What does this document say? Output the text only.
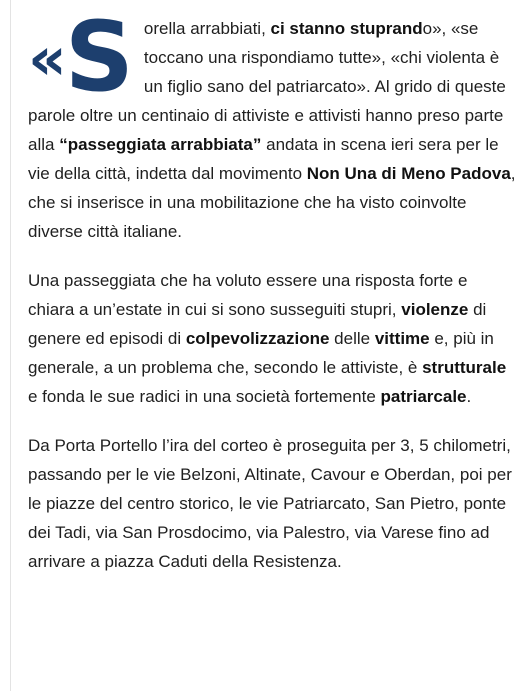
« S orella arrabbiati, ci stanno stuprando», «se toccano una rispondiamo tutte», «chi violenta è un figlio sano del patriarcato». Al grido di queste parole oltre un centinaio di attiviste e attivisti hanno preso parte alla “passeggiata arrabbiata” andata in scena ieri sera per le vie della città, indetta dal movimento Non Una di Meno Padova, che si inserisce in una mobilitazione che ha visto coinvolte diverse città italiane.

Una passeggiata che ha voluto essere una risposta forte e chiara a un’estate in cui si sono susseguiti stupri, violenze di genere ed episodi di colpevolizzazione delle vittime e, più in generale, a un problema che, secondo le attiviste, è strutturale e fonda le sue radici in una società fortemente patriarcale.

Da Porta Portello l’ira del corteo è proseguita per 3, 5 chilometri, passando per le vie Belzoni, Altinate, Cavour e Oberdan, poi per le piazze del centro storico, le vie Patriarcato, San Pietro, ponte dei Tadi, via San Prosdocimo, via Palestro, via Varese fino ad arrivare a piazza Caduti della Resistenza.
